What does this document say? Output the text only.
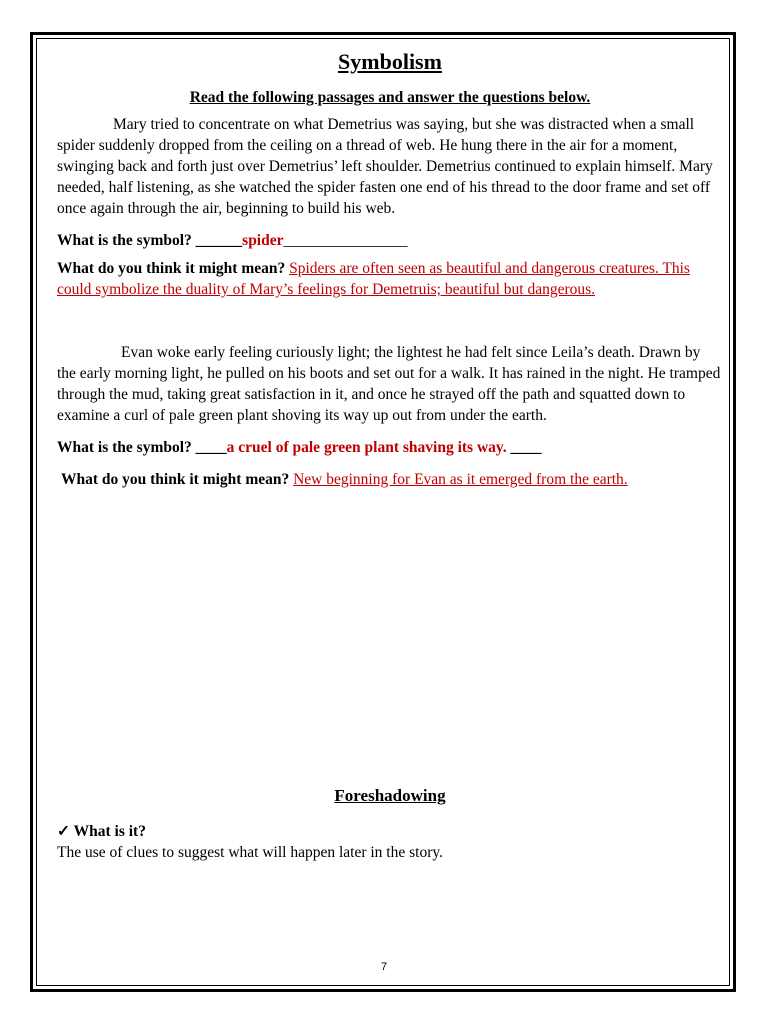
Symbolism
Read the following passages and answer the questions below.

Mary tried to concentrate on what Demetrius was saying, but she was distracted when a small spider suddenly dropped from the ceiling on a thread of web. He hung there in the air for a moment, swinging back and forth just over Demetrius’ left shoulder. Demetrius continued to explain himself. Mary needed, half listening, as she watched the spider fasten one end of his thread to the door frame and set off once again through the air, beginning to build his web.

What is the symbol? ______spider________________

What do you think it might mean? Spiders are often seen as beautiful and dangerous creatures. This could symbolize the duality of Mary’s feelings for Demetruis; beautiful but dangerous.

Evan woke early feeling curiously light; the lightest he had felt since Leila’s death. Drawn by the early morning light, he pulled on his boots and set out for a walk. It has rained in the night. He tramped through the mud, taking great satisfaction in it, and once he strayed off the path and squatted down to examine a curl of pale green plant shoving its way up out from under the earth.

What is the symbol? ____a cruel of pale green plant shaving its way. ____

What do you think it might mean? New beginning for Evan as it emerged from the earth.

Foreshadowing

✓ What is it?

The use of clues to suggest what will happen later in the story.

7
